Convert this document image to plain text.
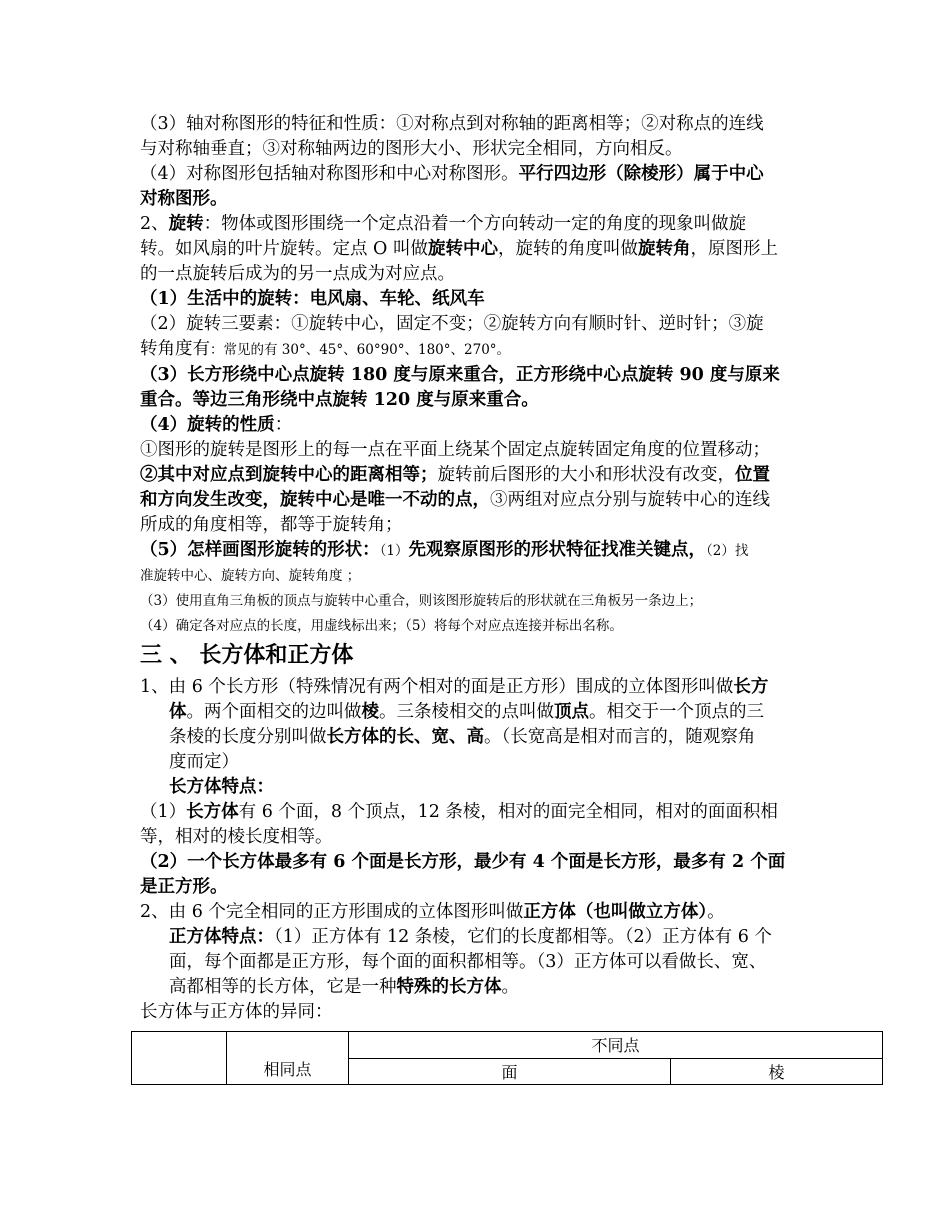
（3）轴对称图形的特征和性质：①对称点到对称轴的距离相等；②对称点的连线

与对称轴垂直；③对称轴两边的图形大小、形状完全相同，方向相反。

（4）对称图形包括轴对称图形和中心对称图形。平行四边形（除棱形）属于中心

对称图形。

2、旋转：物体或图形围绕一个定点沿着一个方向转动一定的角度的现象叫做旋

转。如风扇的叶片旋转。定点 O 叫做旋转中心，旋转的角度叫做旋转角，原图形上

的一点旋转后成为的另一点成为对应点。

（1）生活中的旋转：电风扇、车轮、纸风车

（2）旋转三要素：①旋转中心，固定不变；②旋转方向有顺时针、逆时针；③旋

转角度有：常见的有 30°、45°、60°90°、180°、270°。

（3）长方形绕中心点旋转 180 度与原来重合，正方形绕中心点旋转 90 度与原来

重合。等边三角形绕中点旋转 120 度与原来重合。

（4）旋转的性质：

①图形的旋转是图形上的每一点在平面上绕某个固定点旋转固定角度的位置移动；

②其中对应点到旋转中心的距离相等；旋转前后图形的大小和形状没有改变，位置

和方向发生改变，旋转中心是唯一不动的点，③两组对应点分别与旋转中心的连线

所成的角度相等，都等于旋转角；

（5）怎样画图形旋转的形状：（1）先观察原图形的形状特征找准关键点，（2）找

准旋转中心、旋转方向、旋转角度 ；

（3）使用直角三角板的顶点与旋转中心重合，则该图形旋转后的形状就在三角板另一条边上；

（4）确定各对应点的长度，用虚线标出来；（5）将每个对应点连接并标出名称。

三 、 长方体和正方体

1、由 6 个长方形（特殊情况有两个相对的面是正方形）围成的立体图形叫做长方

体。两个面相交的边叫做棱。三条棱相交的点叫做顶点。相交于一个顶点的三

条棱的长度分别叫做长方体的长、宽、高。（长宽高是相对而言的，随观察角

度而定）

长方体特点：

（1）长方体有 6 个面，8 个顶点，12 条棱，相对的面完全相同，相对的面面积相

等，相对的棱长度相等。

（2）一个长方体最多有 6 个面是长方形，最少有 4 个面是长方形，最多有 2 个面

是正方形。

2、由 6 个完全相同的正方形围成的立体图形叫做正方体（也叫做立方体）。

正方体特点：（1）正方体有 12 条棱，它们的长度都相等。（2）正方体有 6 个

面，每个面都是正方形，每个面的面积都相等。（3）正方体可以看做长、宽、

高都相等的长方体，它是一种特殊的长方体。

长方体与正方体的异同：

	相同点	不同点	
		面	棱
